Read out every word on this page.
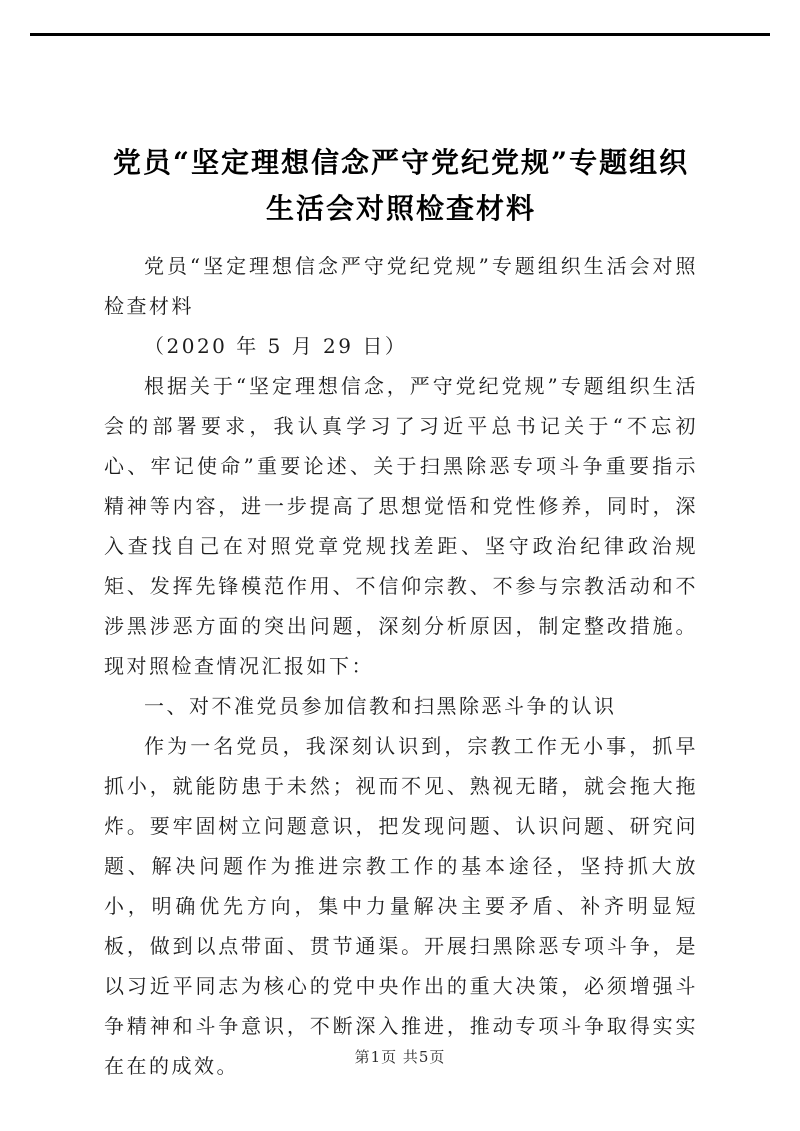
党员“坚定理想信念严守党纪党规”专题组织生活会对照检查材料

党员“坚定理想信念严守党纪党规”专题组织生活会对照检查材料

（2020 年 5 月 29 日）

根据关于“坚定理想信念，严守党纪党规”专题组织生活会的部署要求，我认真学习了习近平总书记关于“不忘初心、牢记使命”重要论述、关于扫黑除恶专项斗争重要指示精神等内容，进一步提高了思想觉悟和党性修养，同时，深入查找自己在对照党章党规找差距、坚守政治纪律政治规矩、发挥先锋模范作用、不信仰宗教、不参与宗教活动和不涉黑涉恶方面的突出问题，深刻分析原因，制定整改措施。现对照检查情况汇报如下：

一、对不准党员参加信教和扫黑除恶斗争的认识

作为一名党员，我深刻认识到，宗教工作无小事，抓早抓小，就能防患于未然；视而不见、熟视无睹，就会拖大拖炸。要牢固树立问题意识，把发现问题、认识问题、研究问题、解决问题作为推进宗教工作的基本途径，坚持抓大放小，明确优先方向，集中力量解决主要矛盾、补齐明显短板，做到以点带面、贯节通渠。开展扫黑除恶专项斗争，是以习近平同志为核心的党中央作出的重大决策，必须增强斗争精神和斗争意识，不断深入推进，推动专项斗争取得实实在在的成效。	第1页 共5页
